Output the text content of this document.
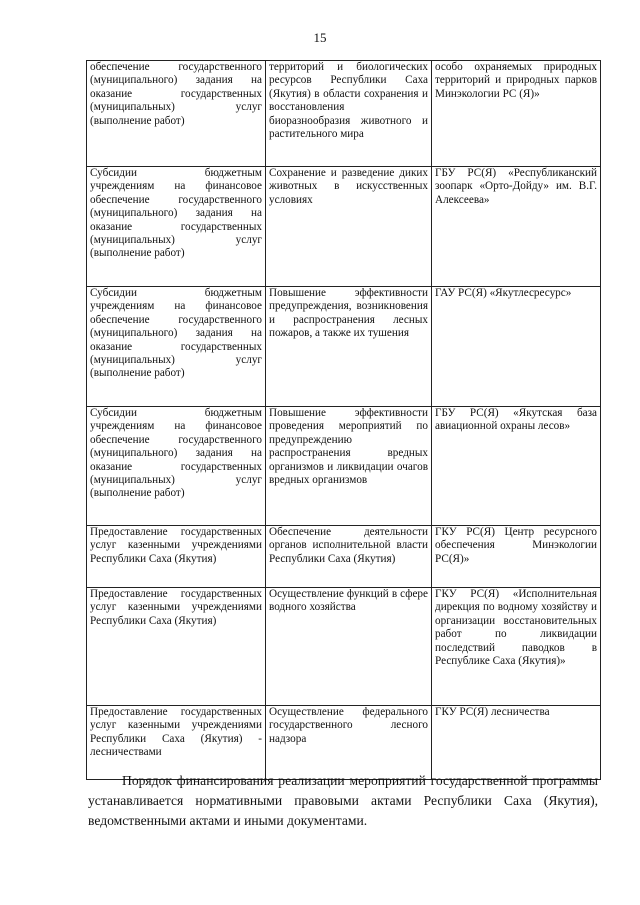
15
обеспечение государственного (муниципального) задания на оказание государственных (муниципальных) услуг (выполнение работ)	территорий и биологических ресурсов Республики Саха (Якутия) в области сохранения и восстановления биоразнообразия животного и растительного мира	особо охраняемых природных территорий и природных парков Минэкологии РС (Я)»
Субсидии бюджетным учреждениям на финансовое обеспечение государственного (муниципального) задания на оказание государственных (муниципальных) услуг (выполнение работ)	Сохранение и разведение диких животных в искусственных условиях	ГБУ РС(Я) «Республиканский зоопарк «Орто-Дойду» им. В.Г. Алексеева»
Субсидии бюджетным учреждениям на финансовое обеспечение государственного (муниципального) задания на оказание государственных (муниципальных) услуг (выполнение работ)	Повышение эффективности предупреждения, возникновения и распространения лесных пожаров, а также их тушения	ГАУ РС(Я) «Якутлесресурс»
Субсидии бюджетным учреждениям на финансовое обеспечение государственного (муниципального) задания на оказание государственных (муниципальных) услуг (выполнение работ)	Повышение эффективности проведения мероприятий по предупреждению распространения вредных организмов и ликвидации очагов вредных организмов	ГБУ РС(Я) «Якутская база авиационной охраны лесов»
Предоставление государственных услуг казенными учреждениями Республики Саха (Якутия)	Обеспечение деятельности органов исполнительной власти Республики Саха (Якутия)	ГКУ РС(Я) Центр ресурсного обеспечения Минэкологии РС(Я)»
Предоставление государственных услуг казенными учреждениями Республики Саха (Якутия)	Осуществление функций в сфере водного хозяйства	ГКУ РС(Я) «Исполнительная дирекция по водному хозяйству и организации восстановительных работ по ликвидации последствий паводков в Республике Саха (Якутия)»
Предоставление государственных услуг казенными учреждениями Республики Саха (Якутия) - лесничествами	Осуществление федерального государственного лесного надзора	ГКУ РС(Я) лесничества

Порядок финансирования реализации мероприятий государственной программы устанавливается нормативными правовыми актами Республики Саха (Якутия), ведомственными актами и иными документами.
